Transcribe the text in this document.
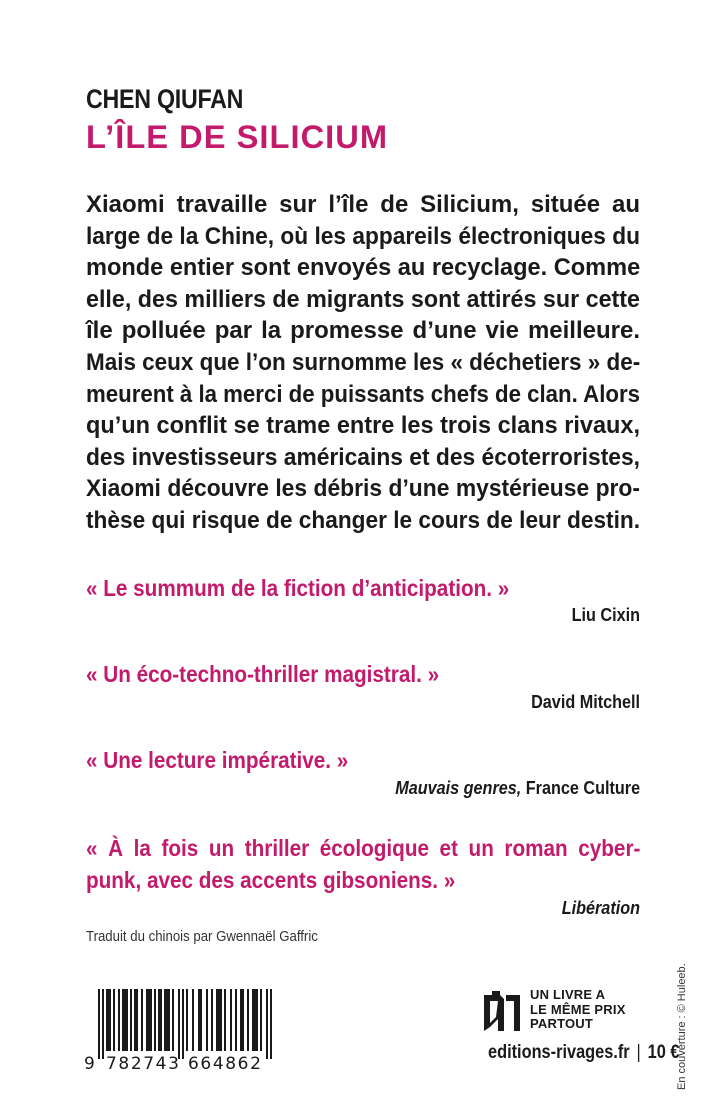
CHEN QIUFAN
L’ÎLE DE SILICIUM
Xiaomi travaille sur l’île de Silicium, située au
large de la Chine, où les appareils électroniques du
monde entier sont envoyés au recyclage. Comme
elle, des milliers de migrants sont attirés sur cette
île polluée par la promesse d’une vie meilleure.
Mais ceux que l’on surnomme les « déchetiers » de-
meurent à la merci de puissants chefs de clan. Alors
qu’un conflit se trame entre les trois clans rivaux,
des investisseurs américains et des écoterroristes,
Xiaomi découvre les débris d’une mystérieuse pro-
thèse qui risque de changer le cours de leur destin.
« Le summum de la fiction d’anticipation. »
Liu Cixin
« Un éco-techno-thriller magistral. »
David Mitchell
« Une lecture impérative. »
Mauvais genres, France Culture
« À la fois un thriller écologique et un roman cyber-
punk, avec des accents gibsoniens. »
Libération
Traduit du chinois par Gwennaël Gaffric
9 782743 664862
UN LIVRE A
LE MÊME PRIX
PARTOUT
editions-rivages.fr | 10 €
En couverture : © Huleeb.
